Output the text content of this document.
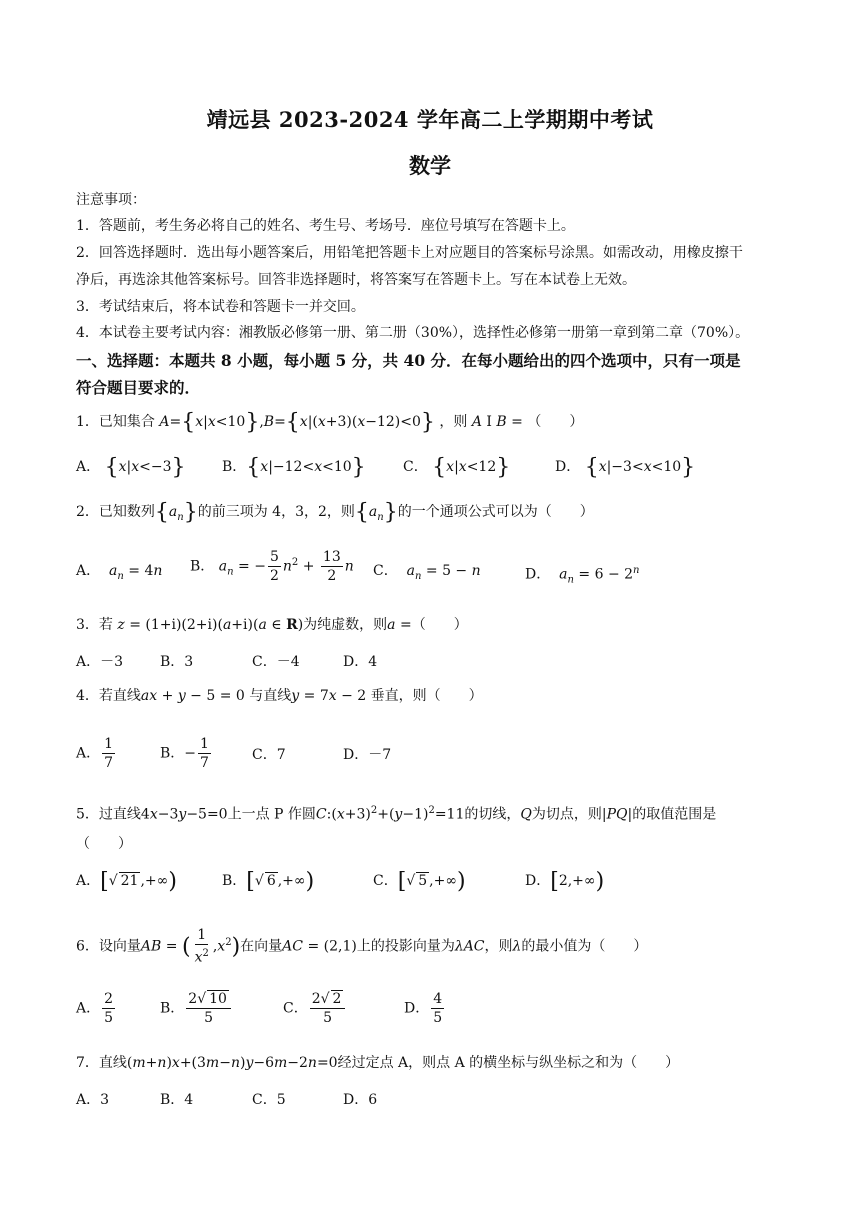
靖远县 2023-2024 学年高二上学期期中考试
数学
注意事项：
1．答题前，考生务必将自己的姓名、考生号、考场号．座位号填写在答题卡上。
2．回答选择题时．选出每小题答案后，用铅笔把答题卡上对应题目的答案标号涂黑。如需改动，用橡皮擦干
净后，再选涂其他答案标号。回答非选择题时，将答案写在答题卡上。写在本试卷上无效。
3．考试结束后，将本试卷和答题卡一并交回。
4．本试卷主要考试内容：湘教版必修第一册、第二册（30%），选择性必修第一册第一章到第二章（70%）。
一、选择题：本题共 8 小题，每小题 5 分，共 40 分．在每小题给出的四个选项中，只有一项是
符合题目要求的．
1．已知集合 A={x|x<10},B={x|(x+3)(x−12)<0} ，则 A I B = （　　）
A． {x|x<−3}	B．{x|−12<x<10}	C． {x|x<12}	D． {x|−3<x<10}
2．已知数列$\{a_n\}$的前三项为 4，3，2，则$\{a_n\}$的一个通项公式可以为（　　）
A． $a_n = 4n$ B． $a_n$ = − $\frac{5}{2} n^2 + \frac{13}{2}$ n C． $a_n = 5 - n$	D． $a_n = 6 - 2^n$
3．若 z = (1+i)(2+i)(a+i)(a ∈ R)为纯虚数，则a =（　　）
A．－3	B．3	C．－4	D．4
4．若直线ax + y − 5 = 0 与直线y = 7x − 2 垂直，则（　　）
A． $\frac{1}{7}$	B．− $\frac{1}{7}$	C．7	D．－7
5．过直线4x−3y−5=0上一点 P 作圆$C:(x+3)^2+(y-1)^2=11$的切线，Q为切点，则|PQ|的取值范围是
（　　）
A．[√ 21 ,+∞)	B．[√ 6 ,+∞)	C．[√ 5 ,+∞)	D．[2,+∞)
6．设向量AB = ( $\frac{1}{x^2} ,x^2$)在向量AC = (2,1)上的投影向量为λAC，则λ的最小值为（　　）
A． $\frac{2}{5}$	B． $\frac{2√ 10}{5}$	C． $\frac{2√ 2}{5}$	D． $\frac{4}{5}$
7．直线(m+n)x+(3m−n)y−6m−2n=0经过定点 A，则点 A 的横坐标与纵坐标之和为（　　）
A．3	B．4	C．5	D．6
